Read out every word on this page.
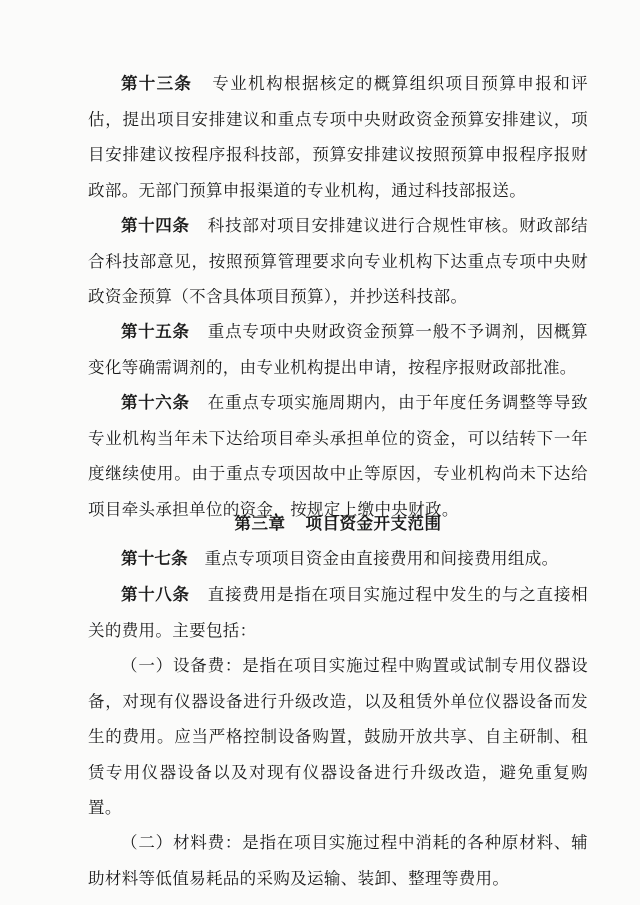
第十三条 专业机构根据核定的概算组织项目预算申报和评估，提出项目安排建议和重点专项中央财政资金预算安排建议，项目安排建议按程序报科技部，预算安排建议按照预算申报程序报财政部。无部门预算申报渠道的专业机构，通过科技部报送。

第十四条 科技部对项目安排建议进行合规性审核。财政部结合科技部意见，按照预算管理要求向专业机构下达重点专项中央财政资金预算（不含具体项目预算），并抄送科技部。

第十五条 重点专项中央财政资金预算一般不予调剂，因概算变化等确需调剂的，由专业机构提出申请，按程序报财政部批准。

第十六条 在重点专项实施周期内，由于年度任务调整等导致专业机构当年未下达给项目牵头承担单位的资金，可以结转下一年度继续使用。由于重点专项因故中止等原因，专业机构尚未下达给项目牵头承担单位的资金，按规定上缴中央财政。

第三章 项目资金开支范围

第十七条 重点专项项目资金由直接费用和间接费用组成。

第十八条 直接费用是指在项目实施过程中发生的与之直接相关的费用。主要包括：

（一）设备费：是指在项目实施过程中购置或试制专用仪器设备，对现有仪器设备进行升级改造，以及租赁外单位仪器设备而发生的费用。应当严格控制设备购置，鼓励开放共享、自主研制、租赁专用仪器设备以及对现有仪器设备进行升级改造，避免重复购置。

（二）材料费：是指在项目实施过程中消耗的各种原材料、辅助材料等低值易耗品的采购及运输、装卸、整理等费用。
